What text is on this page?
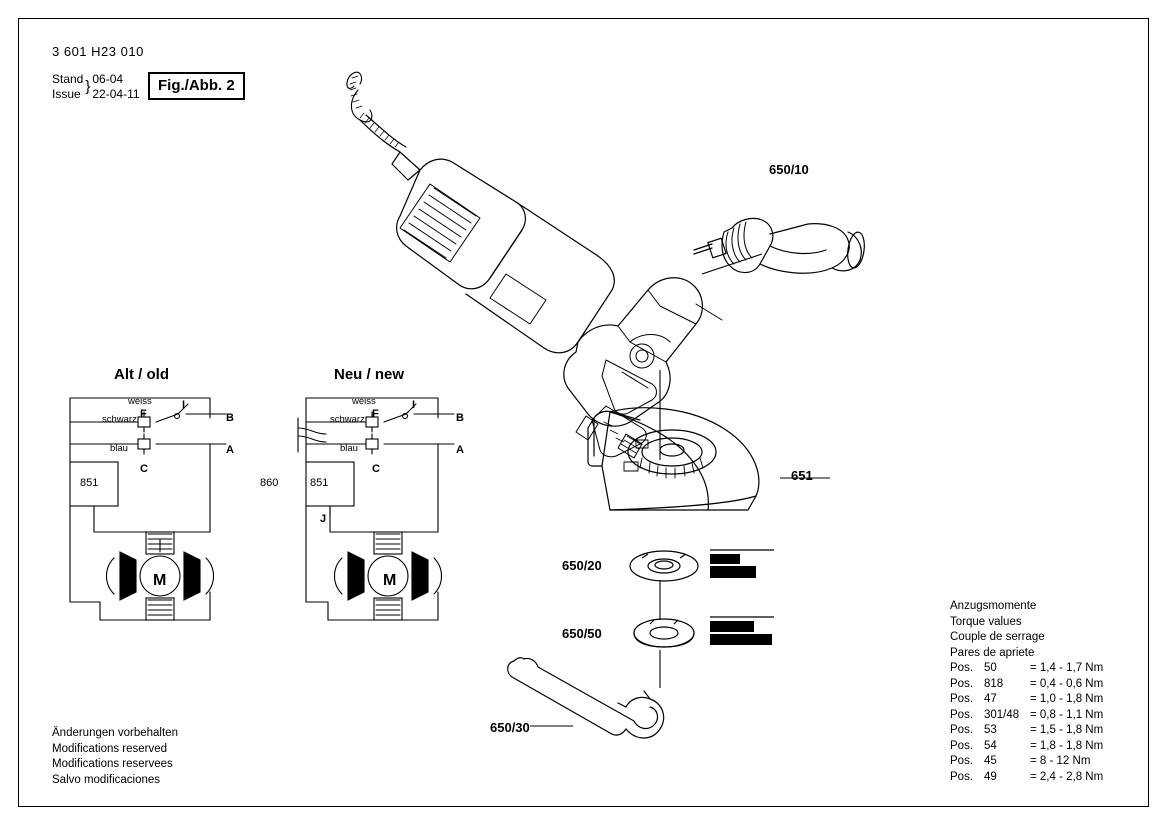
3 601 H23 010
Stand	}	06-04
Issue		22-04-11	Fig./Abb. 2
650/10
651
650/20
650/50
650/30
Alt / old	Neu / new
weiss
schwarz
blau
F
I
B
A
C
851
M
weiss
schwarz
blau
F
I
B
A
C
J
851
860
M
Anzugsmomente
Torque values
Couple de serrage
Pares de apriete
Pos.	50	= 1,4 - 1,7 Nm
Pos.	818	= 0,4 - 0,6 Nm
Pos.	47	= 1,0 - 1,8 Nm
Pos.	301/48	= 0,8 - 1,1 Nm
Pos.	53	= 1,5 - 1,8 Nm
Pos.	54	= 1,8 - 1,8 Nm
Pos.	45	= 8 - 12 Nm
Pos.	49	= 2,4 - 2,8 Nm
Änderungen vorbehalten
Modifications reserved
Modifications reservees
Salvo modificaciones
